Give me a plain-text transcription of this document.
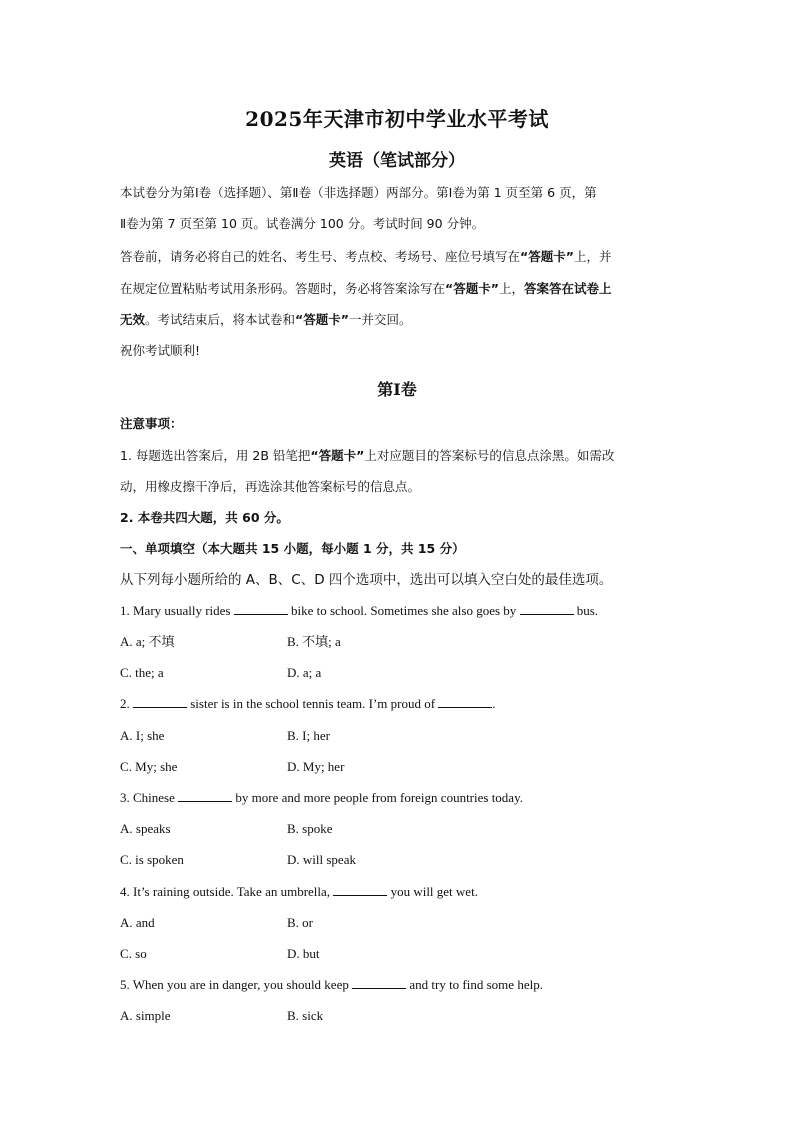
2025年天津市初中学业水平考试
英语（笔试部分）
本试卷分为第Ⅰ卷（选择题）、第Ⅱ卷（非选择题）两部分。第Ⅰ卷为第 1 页至第 6 页，第
Ⅱ卷为第 7 页至第 10 页。试卷满分 100 分。考试时间 90 分钟。
答卷前，请务必将自己的姓名、考生号、考点校、考场号、座位号填写在“答题卡”上，并
在规定位置粘贴考试用条形码。答题时，务必将答案涂写在“答题卡”上，答案答在试卷上
无效。考试结束后，将本试卷和“答题卡”一并交回。
祝你考试顺利!
第Ⅰ卷
注意事项：
1. 每题选出答案后，用 2B 铅笔把“答题卡”上对应题目的答案标号的信息点涂黑。如需改
动，用橡皮擦干净后，再选涂其他答案标号的信息点。
2. 本卷共四大题，共 60 分。
一、单项填空（本大题共 15 小题，每小题 1 分，共 15 分）
从下列每小题所给的 A、B、C、D 四个选项中，选出可以填入空白处的最佳选项。
1. Mary usually rides	bike to school. Sometimes she also goes by	bus.
A. a; 不填	B. 不填; a
C. the; a	D. a; a
2.	sister is in the school tennis team. I’m proud of	.
A. I; she	B. I; her
C. My; she	D. My; her
3. Chinese	by more and more people from foreign countries today.
A. speaks	B. spoke
C. is spoken	D. will speak
4. It’s raining outside. Take an umbrella,	you will get wet.
A. and	B. or
C. so	D. but
5. When you are in danger, you should keep	and try to find some help.
A. simple	B. sick
